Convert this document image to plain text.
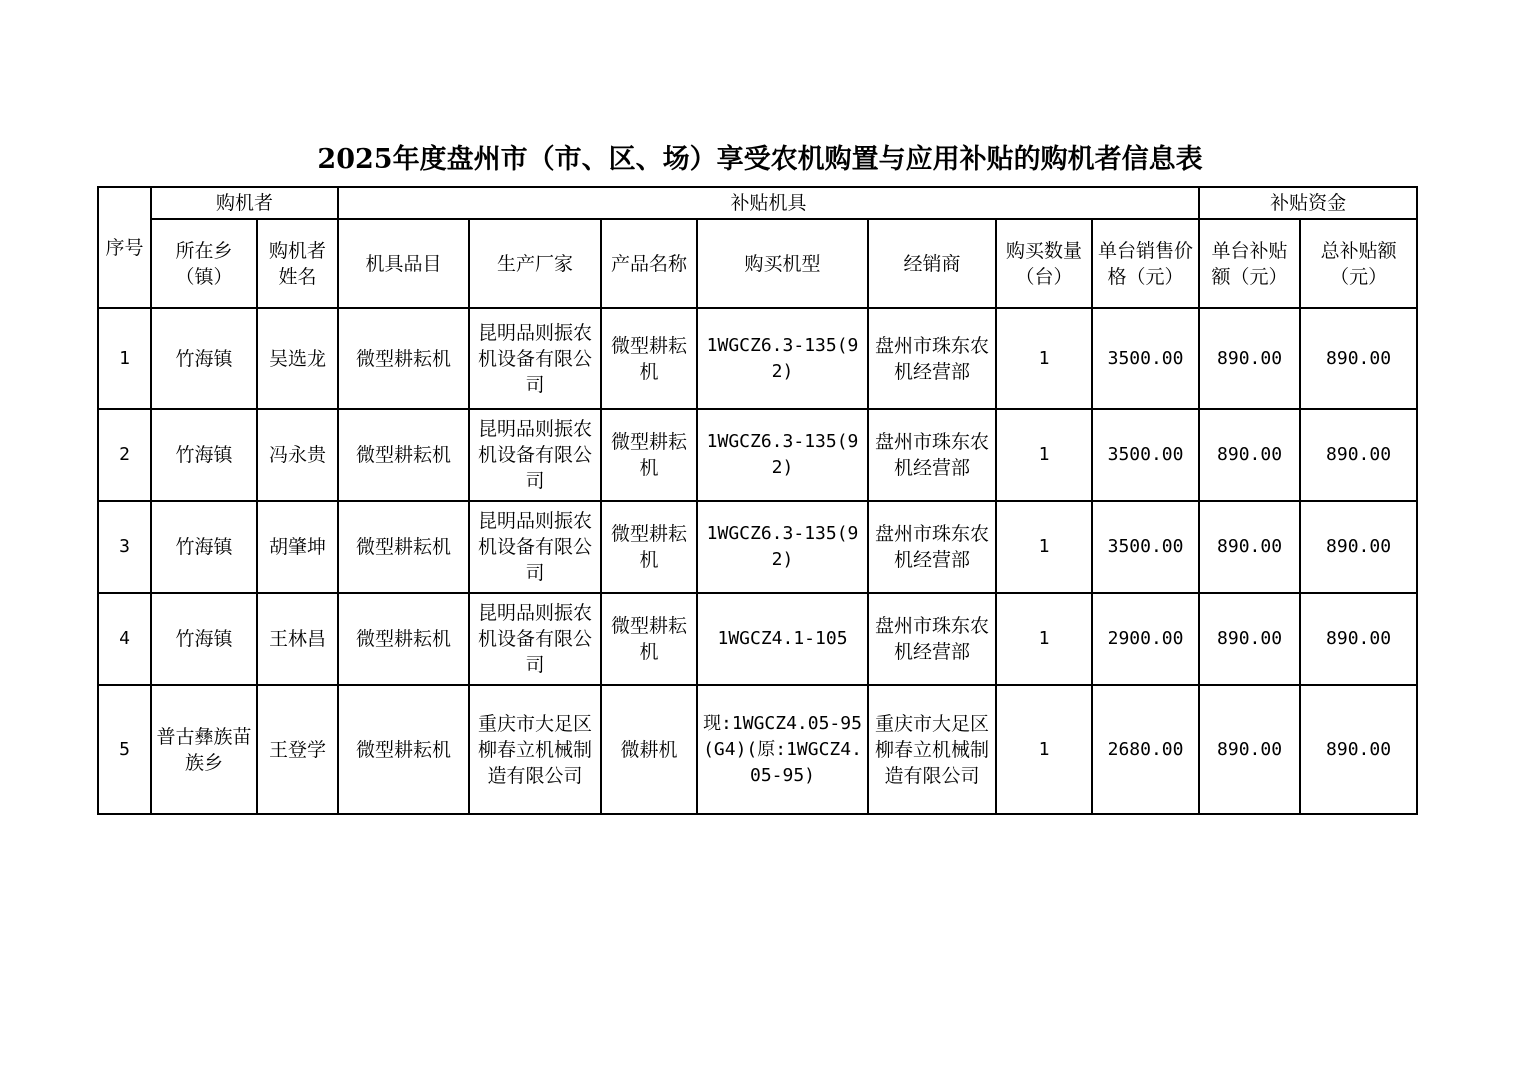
2025年度盘州市（市、区、场）享受农机购置与应用补贴的购机者信息表
序号	购机者		补贴机具							补贴资金	
	所在乡（镇）	购机者姓名	机具品目	生产厂家	产品名称	购买机型	经销商	购买数量（台）	单台销售价格（元）	单台补贴额（元）	总补贴额（元）
1	竹海镇	吴选龙	微型耕耘机	昆明品则振农机设备有限公司	微型耕耘机	1WGCZ6.3-135(92)	盘州市珠东农机经营部	1	3500.00	890.00	890.00
2	竹海镇	冯永贵	微型耕耘机	昆明品则振农机设备有限公司	微型耕耘机	1WGCZ6.3-135(92)	盘州市珠东农机经营部	1	3500.00	890.00	890.00
3	竹海镇	胡肇坤	微型耕耘机	昆明品则振农机设备有限公司	微型耕耘机	1WGCZ6.3-135(92)	盘州市珠东农机经营部	1	3500.00	890.00	890.00
4	竹海镇	王林昌	微型耕耘机	昆明品则振农机设备有限公司	微型耕耘机	1WGCZ4.1-105	盘州市珠东农机经营部	1	2900.00	890.00	890.00
5	普古彝族苗族乡	王登学	微型耕耘机	重庆市大足区柳春立机械制造有限公司	微耕机	现:1WGCZ4.05-95(G4)(原:1WGCZ4.05-95)	重庆市大足区柳春立机械制造有限公司	1	2680.00	890.00	890.00
